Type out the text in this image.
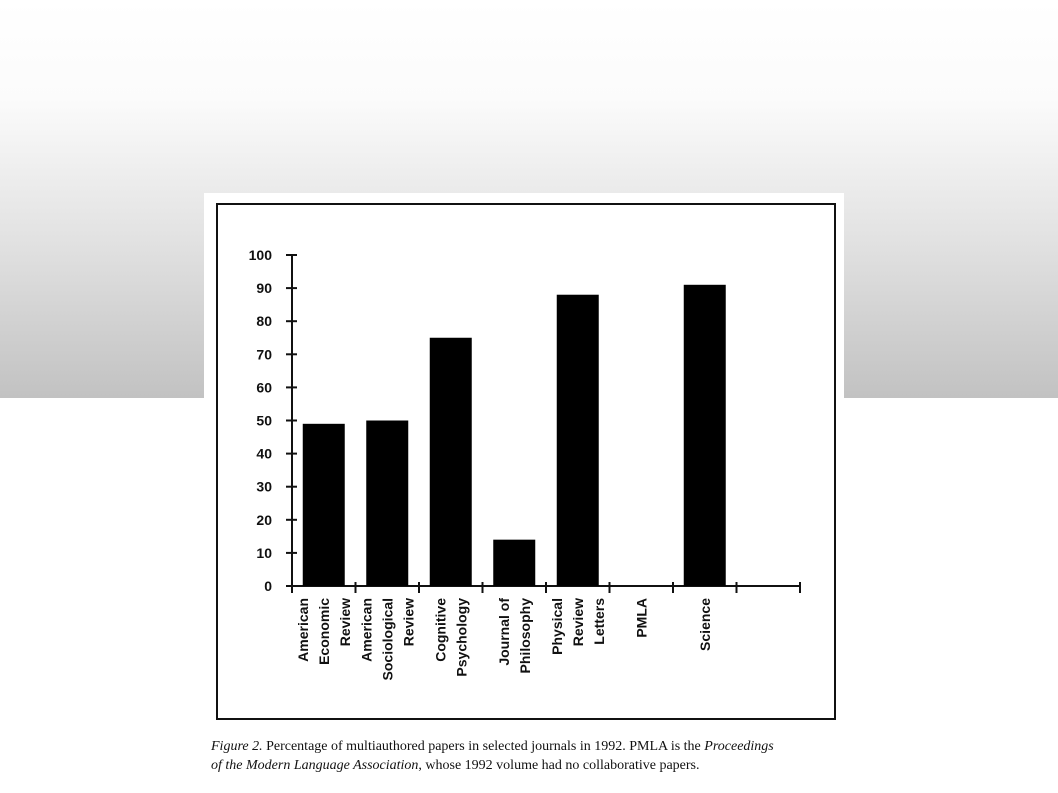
0
10
20
30
40
50
60
70
80
90
100
American Economic Review American Sociological Review Cognitive Psychology Journal of Philosophy Physical Review Letters PMLA	Science
Figure 2. Percentage of multiauthored papers in selected journals in 1992. PMLA is the Proceedings
of the Modern Language Association, whose 1992 volume had no collaborative papers.
